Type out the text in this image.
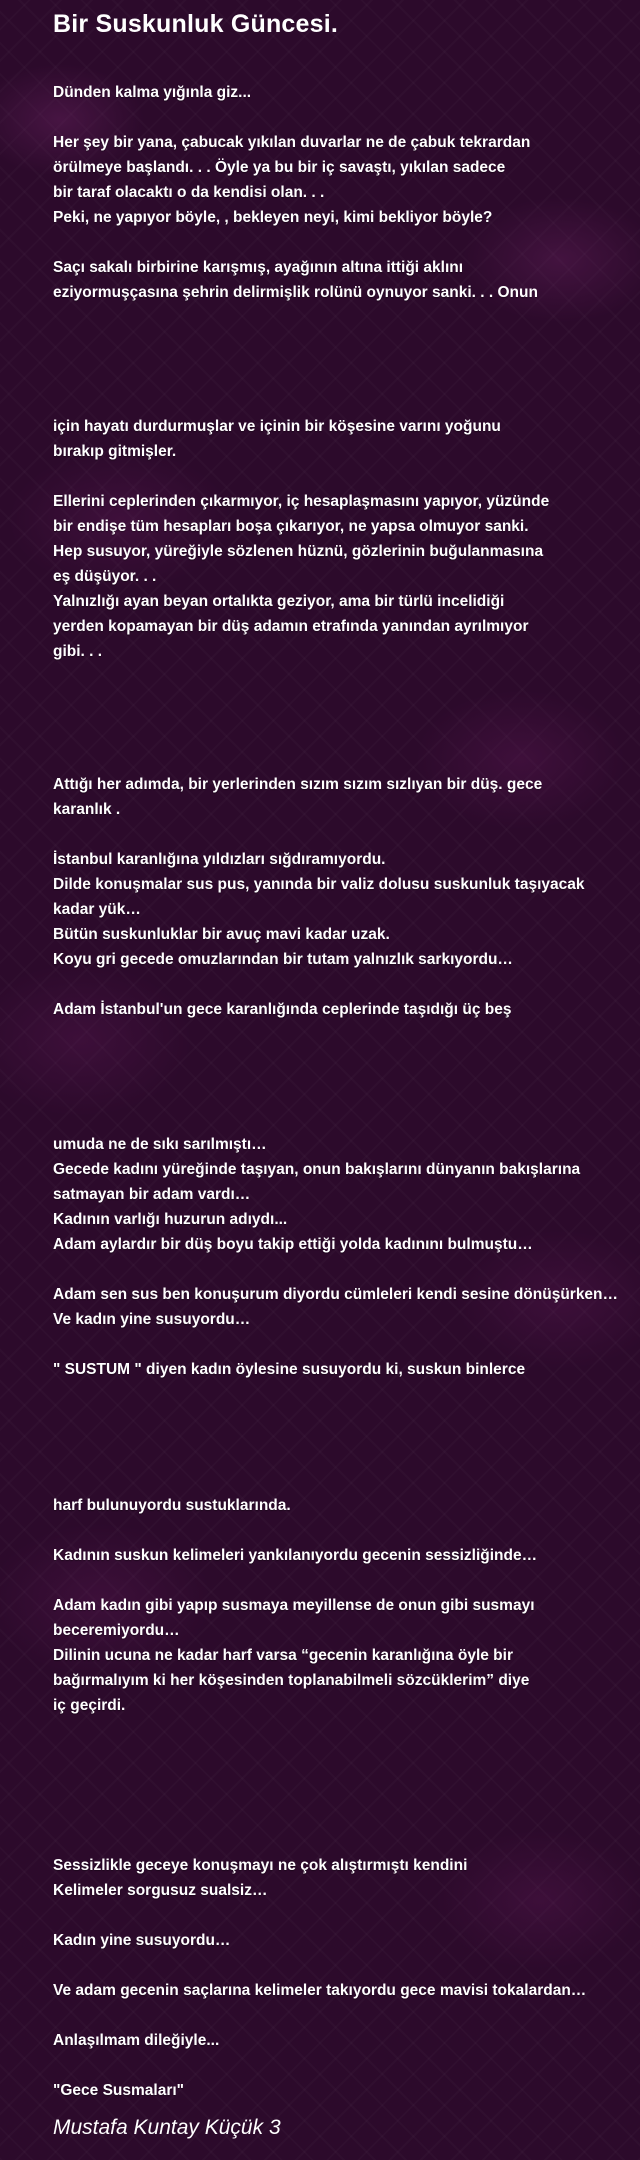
Bir Suskunluk Güncesi.

Dünden kalma yığınla giz...

Her şey bir yana, çabucak yıkılan duvarlar ne de çabuk tekrardan
örülmeye başlandı. . . Öyle ya bu bir iç savaştı, yıkılan sadece
bir taraf olacaktı o da kendisi olan. . .
Peki, ne yapıyor böyle, , bekleyen neyi, kimi bekliyor böyle?

Saçı sakalı birbirine karışmış, ayağının altına ittiği aklını
eziyormuşçasına şehrin delirmişlik rolünü oynuyor sanki. . . Onun

için hayatı durdurmuşlar ve içinin bir köşesine varını yoğunu
bırakıp gitmişler.

Ellerini ceplerinden çıkarmıyor, iç hesaplaşmasını yapıyor, yüzünde
bir endişe tüm hesapları boşa çıkarıyor, ne yapsa olmuyor sanki.
Hep susuyor, yüreğiyle sözlenen hüznü, gözlerinin buğulanmasına
eş düşüyor. . .
Yalnızlığı ayan beyan ortalıkta geziyor, ama bir türlü incelidiği
yerden kopamayan bir düş adamın etrafında yanından ayrılmıyor
gibi. . .

Attığı her adımda, bir yerlerinden sızım sızım sızlıyan bir düş. gece
karanlık .

İstanbul karanlığına yıldızları sığdıramıyordu.
Dilde konuşmalar sus pus, yanında bir valiz dolusu suskunluk taşıyacak
kadar yük…
Bütün suskunluklar bir avuç mavi kadar uzak.
Koyu gri gecede omuzlarından bir tutam yalnızlık sarkıyordu…

Adam İstanbul'un gece karanlığında ceplerinde taşıdığı üç beş

umuda ne de sıkı sarılmıştı…
Gecede kadını yüreğinde taşıyan, onun bakışlarını dünyanın bakışlarına
satmayan bir adam vardı…
Kadının varlığı huzurun adıydı...
Adam aylardır bir düş boyu takip ettiği yolda kadınını bulmuştu…

Adam sen sus ben konuşurum diyordu cümleleri kendi sesine dönüşürken…
Ve kadın yine susuyordu…

" SUSTUM " diyen kadın öylesine susuyordu ki, suskun binlerce

harf bulunuyordu sustuklarında.

Kadının suskun kelimeleri yankılanıyordu gecenin sessizliğinde…

Adam kadın gibi yapıp susmaya meyillense de onun gibi susmayı
beceremiyordu…
Dilinin ucuna ne kadar harf varsa “gecenin karanlığına öyle bir
bağırmalıyım ki her köşesinden toplanabilmeli sözcüklerim” diye
iç geçirdi.

Sessizlikle geceye konuşmayı ne çok alıştırmıştı kendini
Kelimeler sorgusuz sualsiz…

Kadın yine susuyordu…

Ve adam gecenin saçlarına kelimeler takıyordu gece mavisi tokalardan…

Anlaşılmam dileğiyle...

"Gece Susmaları"

Mustafa Kuntay Küçük 3
